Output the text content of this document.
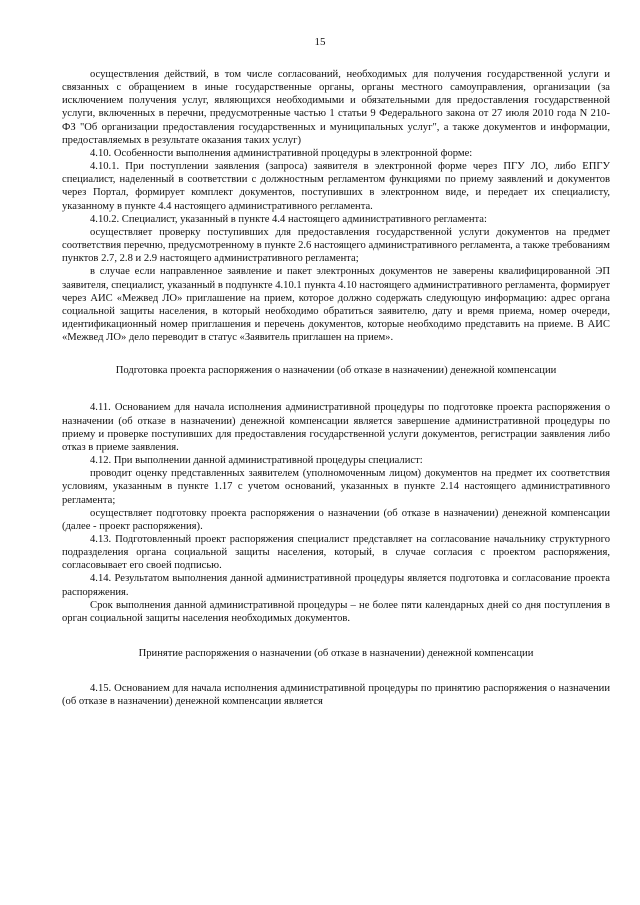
15

осуществления действий, в том числе согласований, необходимых для получения государственной услуги и связанных с обращением в иные государственные органы, органы местного самоуправления, организации (за исключением получения услуг, являющихся необходимыми и обязательными для предоставления государственной услуги, включенных в перечни, предусмотренные частью 1 статьи 9 Федерального закона от 27 июля 2010 года N 210-ФЗ "Об организации предоставления государственных и муниципальных услуг", а также документов и информации, предоставляемых в результате оказания таких услуг)

4.10. Особенности выполнения административной процедуры в электронной форме:

4.10.1. При поступлении заявления (запроса) заявителя в электронной форме через ПГУ ЛО, либо ЕПГУ специалист, наделенный в соответствии с должностным регламентом функциями по приему заявлений и документов через Портал, формирует комплект документов, поступивших в электронном виде, и передает их специалисту, указанному в пункте 4.4 настоящего административного регламента.

4.10.2. Специалист, указанный в пункте 4.4 настоящего административного регламента:

осуществляет проверку поступивших для предоставления государственной услуги документов на предмет соответствия перечню, предусмотренному в пункте 2.6 настоящего административного регламента, а также требованиям пунктов 2.7, 2.8 и 2.9 настоящего административного регламента;

в случае если направленное заявление и пакет электронных документов не заверены квалифицированной ЭП заявителя, специалист, указанный в подпункте 4.10.1 пункта 4.10 настоящего административного регламента, формирует через АИС «Межвед ЛО» приглашение на прием, которое должно содержать следующую информацию: адрес органа социальной защиты населения, в который необходимо обратиться заявителю, дату и время приема, номер очереди, идентификационный номер приглашения и перечень документов, которые необходимо представить на приеме. В АИС «Межвед ЛО» дело переводит в статус «Заявитель приглашен на прием».

Подготовка проекта распоряжения о назначении (об отказе в назначении) денежной компенсации

4.11. Основанием для начала исполнения административной процедуры по подготовке проекта распоряжения о назначении (об отказе в назначении) денежной компенсации является завершение административной процедуры по приему и проверке поступивших для предоставления государственной услуги документов, регистрации заявления либо отказ в приеме заявления.

4.12. При выполнении данной административной процедуры специалист:

проводит оценку представленных заявителем (уполномоченным лицом) документов на предмет их соответствия условиям, указанным в пункте 1.17 с учетом оснований, указанных в пункте 2.14 настоящего административного регламента;

осуществляет подготовку проекта распоряжения о назначении (об отказе в назначении) денежной компенсации (далее - проект распоряжения).

4.13. Подготовленный проект распоряжения специалист представляет на согласование начальнику структурного подразделения органа социальной защиты населения, который, в случае согласия с проектом распоряжения, согласовывает его своей подписью.

4.14. Результатом выполнения данной административной процедуры является подготовка и согласование проекта распоряжения.

Срок выполнения данной административной процедуры – не более пяти календарных дней со дня поступления в орган социальной защиты населения необходимых документов.

Принятие распоряжения о назначении (об отказе в назначении) денежной компенсации

4.15. Основанием для начала исполнения административной процедуры по принятию распоряжения о назначении (об отказе в назначении) денежной компенсации является
